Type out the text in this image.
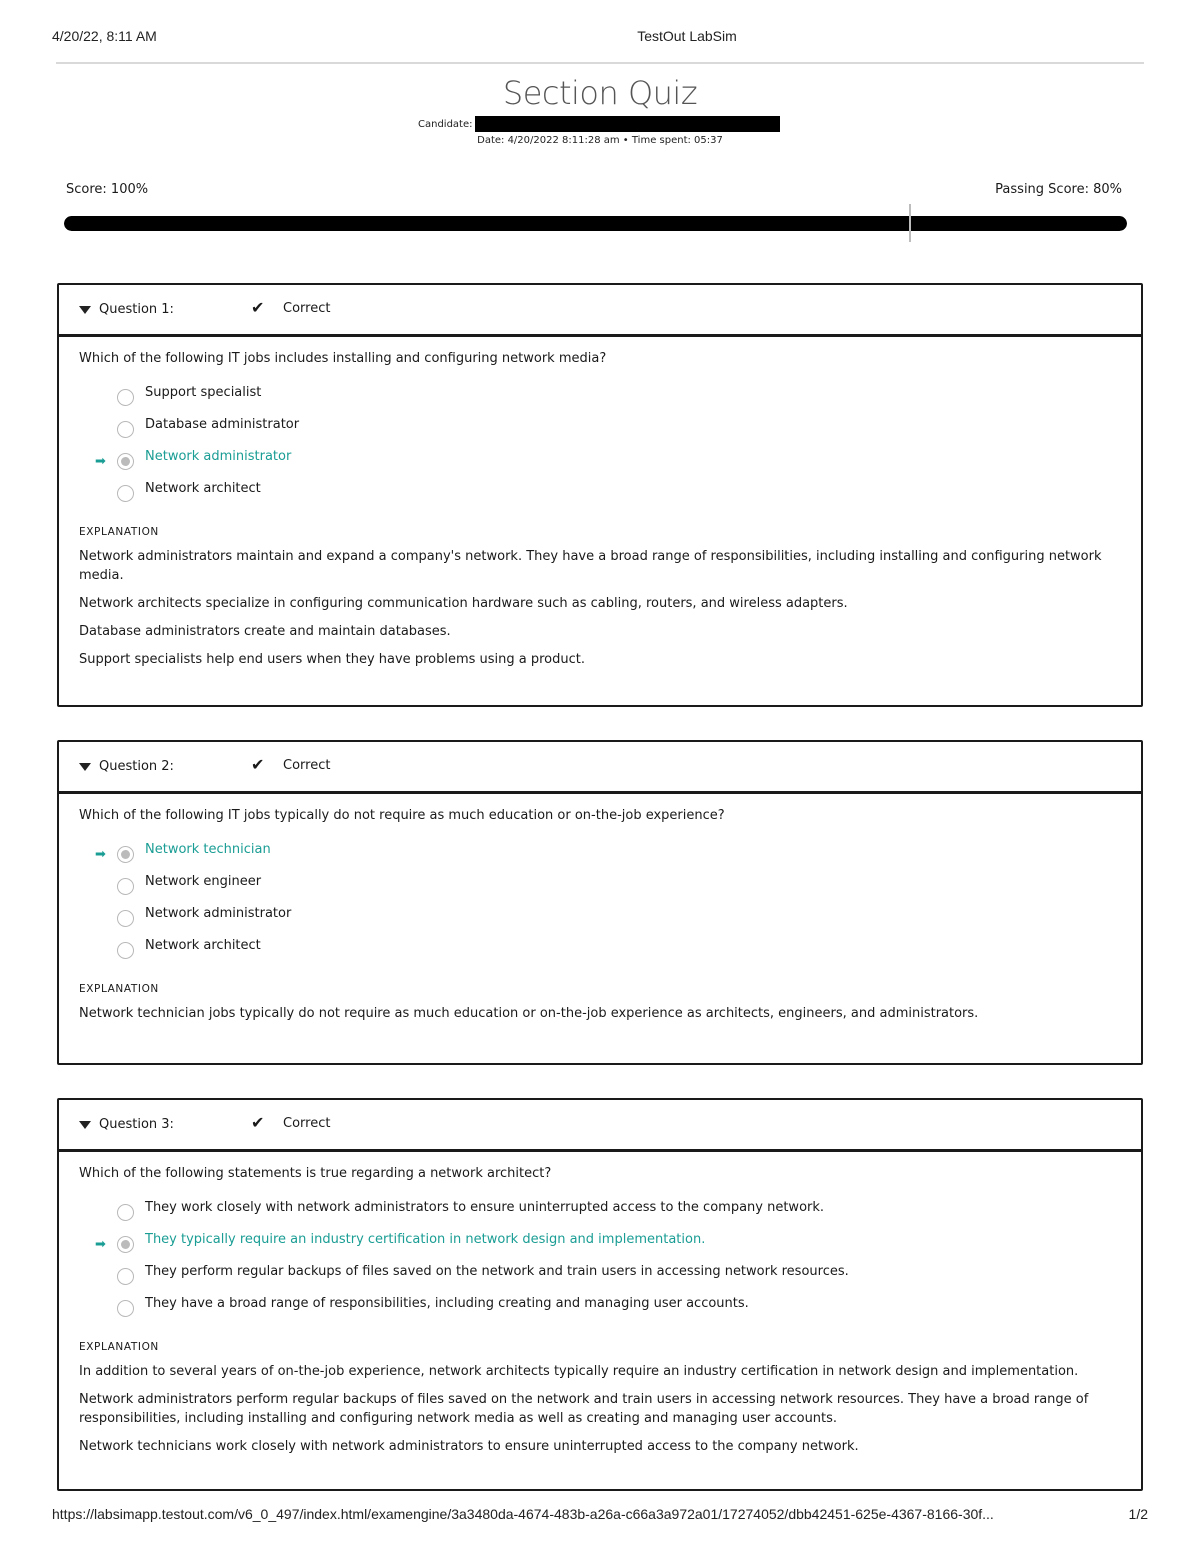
4/20/22, 8:11 AM	TestOut LabSim
Section Quiz
Candidate:
Date: 4/20/2022 8:11:28 am • Time spent: 05:37
Score: 100%	Passing Score: 80%
Question 1:	✔ Correct

Which of the following IT jobs includes installing and configuring network media?

Support specialist
Database administrator
➡	Network administrator
Network architect
EXPLANATION

Network administrators maintain and expand a company's network. They have a broad range of responsibilities, including installing and configuring network media.

Network architects specialize in configuring communication hardware such as cabling, routers, and wireless adapters.

Database administrators create and maintain databases.

Support specialists help end users when they have problems using a product.

Question 2:	✔ Correct

Which of the following IT jobs typically do not require as much education or on-the-job experience?

➡	Network technician
Network engineer
Network administrator
Network architect
EXPLANATION

Network technician jobs typically do not require as much education or on-the-job experience as architects, engineers, and administrators.

Question 3:	✔ Correct

Which of the following statements is true regarding a network architect?

They work closely with network administrators to ensure uninterrupted access to the company network.
➡	They typically require an industry certification in network design and implementation.
They perform regular backups of files saved on the network and train users in accessing network resources.
They have a broad range of responsibilities, including creating and managing user accounts.
EXPLANATION

In addition to several years of on-the-job experience, network architects typically require an industry certification in network design and implementation.

Network administrators perform regular backups of files saved on the network and train users in accessing network resources. They have a broad range of responsibilities, including installing and configuring network media as well as creating and managing user accounts.

Network technicians work closely with network administrators to ensure uninterrupted access to the company network.

https://labsimapp.testout.com/v6_0_497/index.html/examengine/3a3480da-4674-483b-a26a-c66a3a972a01/17274052/dbb42451-625e-4367-8166-30f...	1/2
